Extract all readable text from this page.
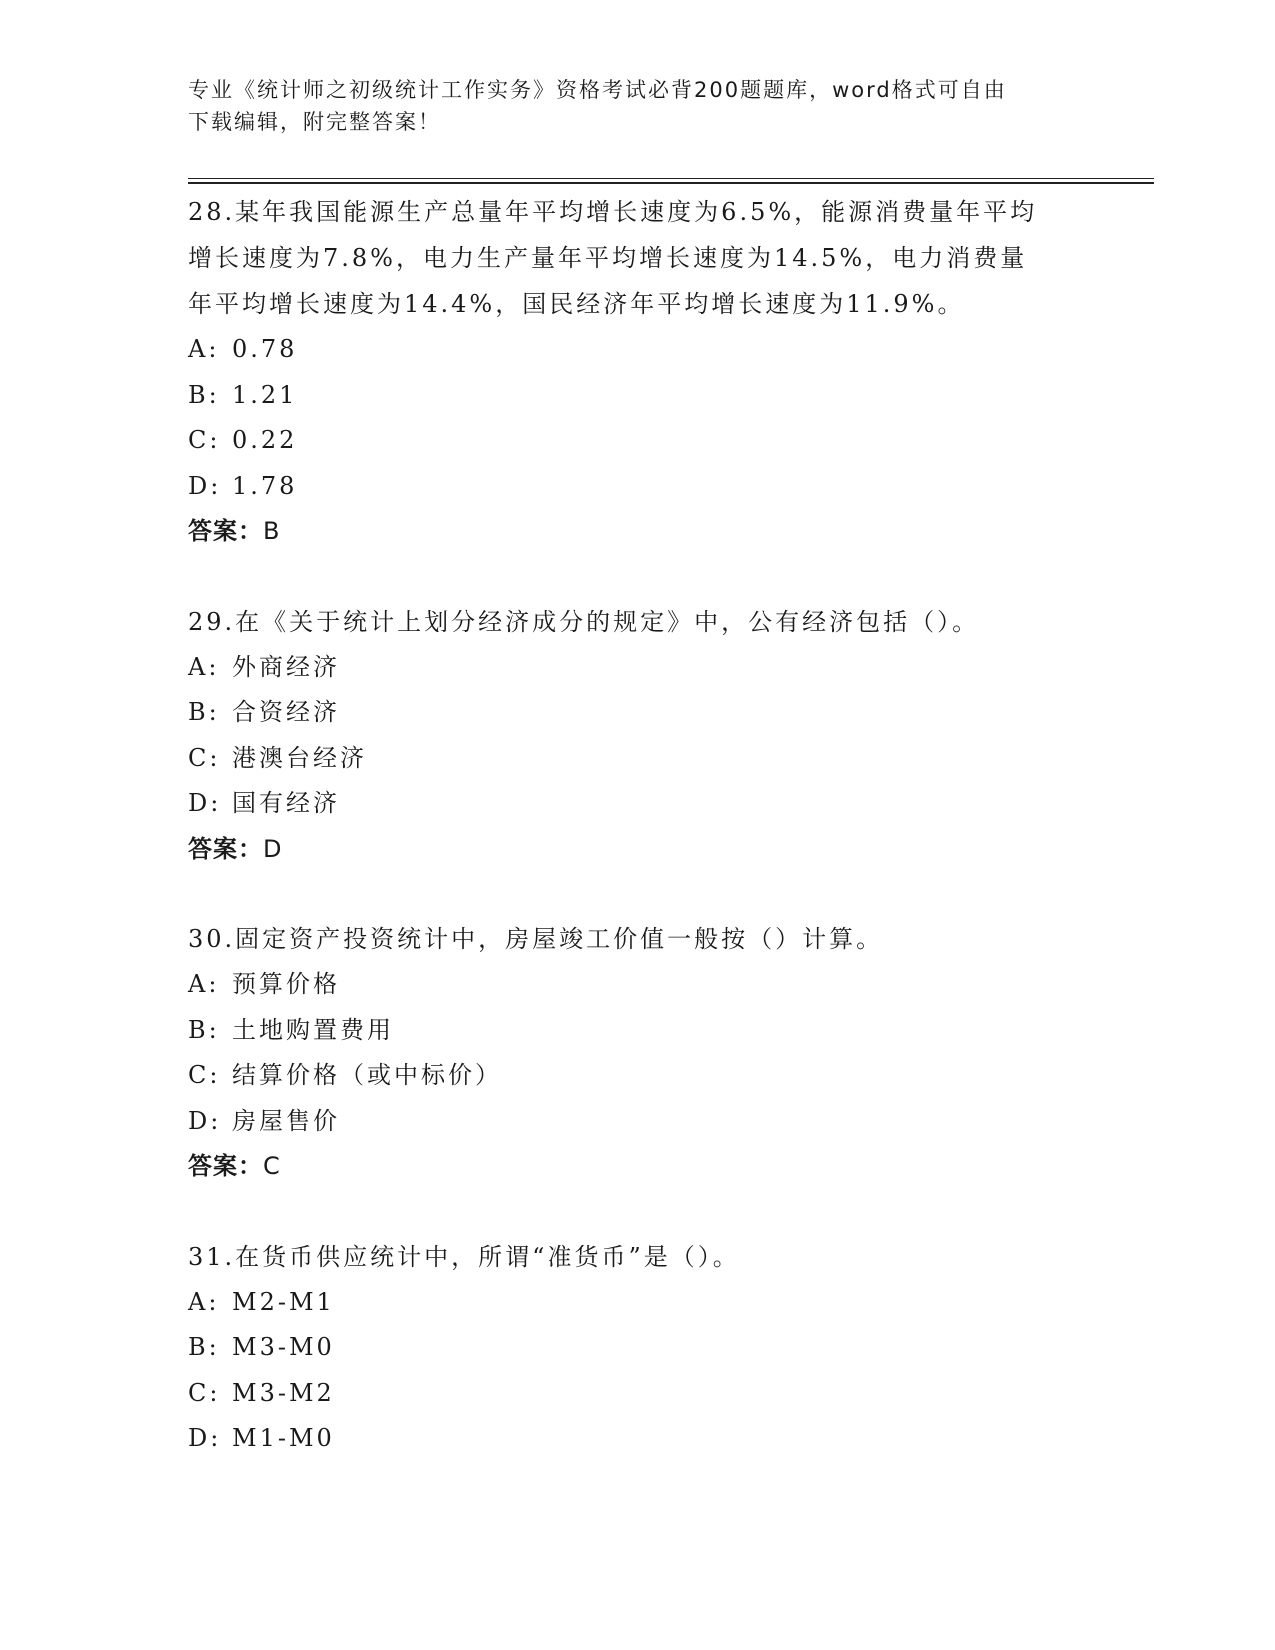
专业《统计师之初级统计工作实务》资格考试必背200题题库，word格式可自由
下载编辑，附完整答案！
28.某年我国能源生产总量年平均增长速度为6.5%，能源消费量年平均
增长速度为7.8%，电力生产量年平均增长速度为14.5%，电力消费量
年平均增长速度为14.4%，国民经济年平均增长速度为11.9%。
A: 0.78
B: 1.21
C: 0.22
D: 1.78
答案： B
29.在《关于统计上划分经济成分的规定》中，公有经济包括（）。
A: 外商经济
B: 合资经济
C: 港澳台经济
D: 国有经济
答案： D
30.固定资产投资统计中，房屋竣工价值一般按（）计算。
A: 预算价格
B: 土地购置费用
C: 结算价格（或中标价）
D: 房屋售价
答案： C
31.在货币供应统计中，所谓“准货币”是（）。
A: M2-M1
B: M3-M0
C: M3-M2
D: M1-M0
